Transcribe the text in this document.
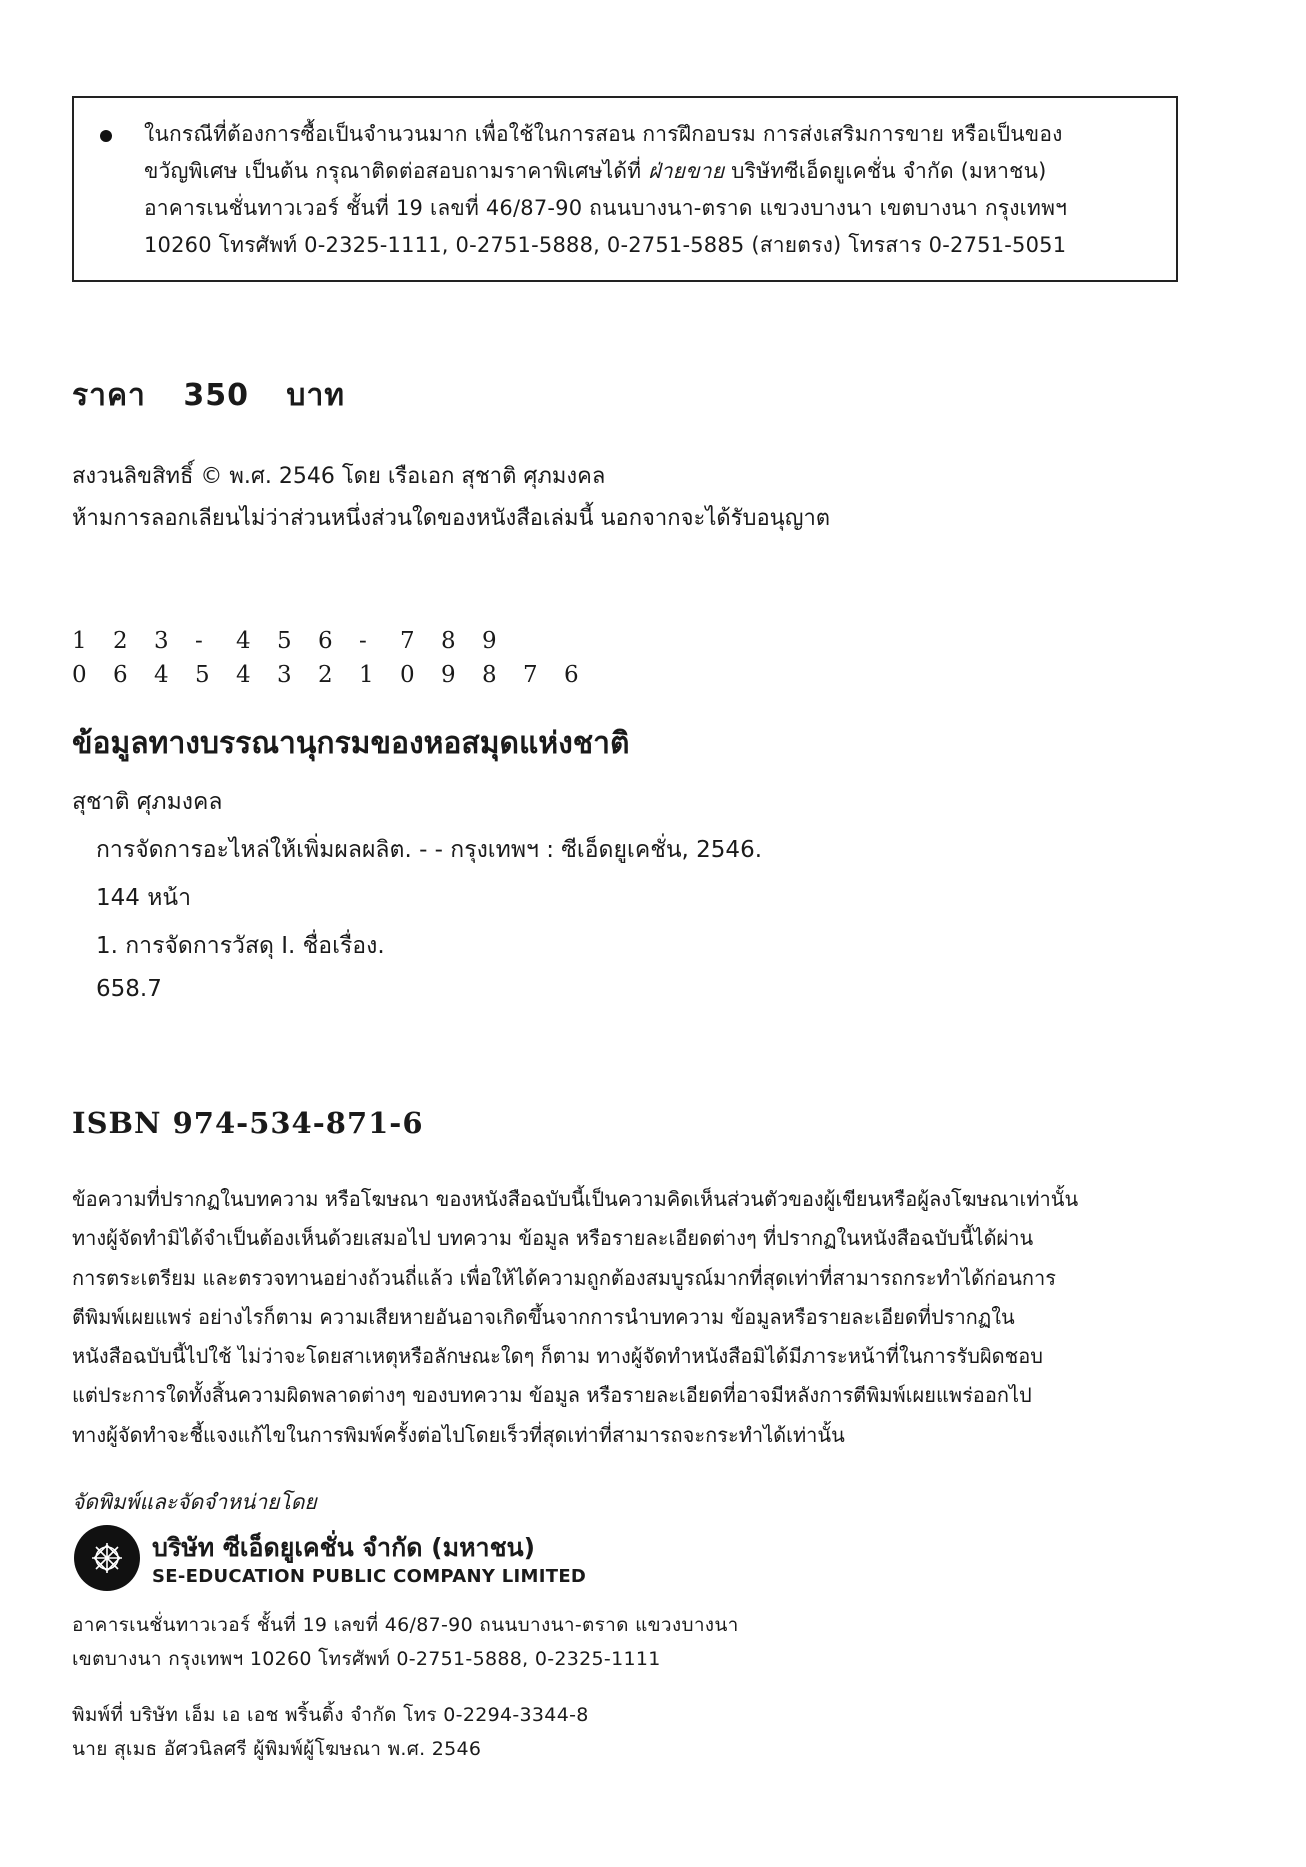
ในกรณีที่ต้องการซื้อเป็นจำนวนมาก เพื่อใช้ในการสอน การฝึกอบรม การส่งเสริมการขาย หรือเป็นของ
ขวัญพิเศษ เป็นต้น กรุณาติดต่อสอบถามราคาพิเศษได้ที่ ฝ่ายขาย บริษัทซีเอ็ดยูเคชั่น จำกัด (มหาชน)
อาคารเนชั่นทาวเวอร์ ชั้นที่ 19 เลขที่ 46/87-90 ถนนบางนา-ตราด แขวงบางนา เขตบางนา กรุงเทพฯ
10260 โทรศัพท์ 0-2325-1111, 0-2751-5888, 0-2751-5885 (สายตรง) โทรสาร 0-2751-5051
ราคา 350 บาท
สงวนลิขสิทธิ์ © พ.ศ. 2546 โดย เรือเอก สุชาติ ศุภมงคล
ห้ามการลอกเลียนไม่ว่าส่วนหนึ่งส่วนใดของหนังสือเล่มนี้ นอกจากจะได้รับอนุญาต
1 2 3 - 4 5 6 - 7 8 9
0 6 4 5 4 3 2 1 0 9 8 7 6
ข้อมูลทางบรรณานุกรมของหอสมุดแห่งชาติ
สุชาติ ศุภมงคล
การจัดการอะไหล่ให้เพิ่มผลผลิต. - - กรุงเทพฯ : ซีเอ็ดยูเคชั่น, 2546.
144 หน้า
1. การจัดการวัสดุ I. ชื่อเรื่อง.
658.7
ISBN 974-534-871-6
ข้อความที่ปรากฏในบทความ หรือโฆษณา ของหนังสือฉบับนี้เป็นความคิดเห็นส่วนตัวของผู้เขียนหรือผู้ลงโฆษณาเท่านั้น
ทางผู้จัดทำมิได้จำเป็นต้องเห็นด้วยเสมอไป บทความ ข้อมูล หรือรายละเอียดต่างๆ ที่ปรากฏในหนังสือฉบับนี้ได้ผ่าน
การตระเตรียม และตรวจทานอย่างถ้วนถี่แล้ว เพื่อให้ได้ความถูกต้องสมบูรณ์มากที่สุดเท่าที่สามารถกระทำได้ก่อนการ
ตีพิมพ์เผยแพร่ อย่างไรก็ตาม ความเสียหายอันอาจเกิดขึ้นจากการนำบทความ ข้อมูลหรือรายละเอียดที่ปรากฏใน
หนังสือฉบับนี้ไปใช้ ไม่ว่าจะโดยสาเหตุหรือลักษณะใดๆ ก็ตาม ทางผู้จัดทำหนังสือมิได้มีภาระหน้าที่ในการรับผิดชอบ
แต่ประการใดทั้งสิ้นความผิดพลาดต่างๆ ของบทความ ข้อมูล หรือรายละเอียดที่อาจมีหลังการตีพิมพ์เผยแพร่ออกไป
ทางผู้จัดทำจะชี้แจงแก้ไขในการพิมพ์ครั้งต่อไปโดยเร็วที่สุดเท่าที่สามารถจะกระทำได้เท่านั้น
จัดพิมพ์และจัดจำหน่ายโดย
บริษัท ซีเอ็ดยูเคชั่น จำกัด (มหาชน)
SE-EDUCATION PUBLIC COMPANY LIMITED
อาคารเนชั่นทาวเวอร์ ชั้นที่ 19 เลขที่ 46/87-90 ถนนบางนา-ตราด แขวงบางนา
เขตบางนา กรุงเทพฯ 10260 โทรศัพท์ 0-2751-5888, 0-2325-1111
พิมพ์ที่ บริษัท เอ็ม เอ เอช พริ้นติ้ง จำกัด โทร 0-2294-3344-8
นาย สุเมธ อัศวนิลศรี ผู้พิมพ์ผู้โฆษณา พ.ศ. 2546
